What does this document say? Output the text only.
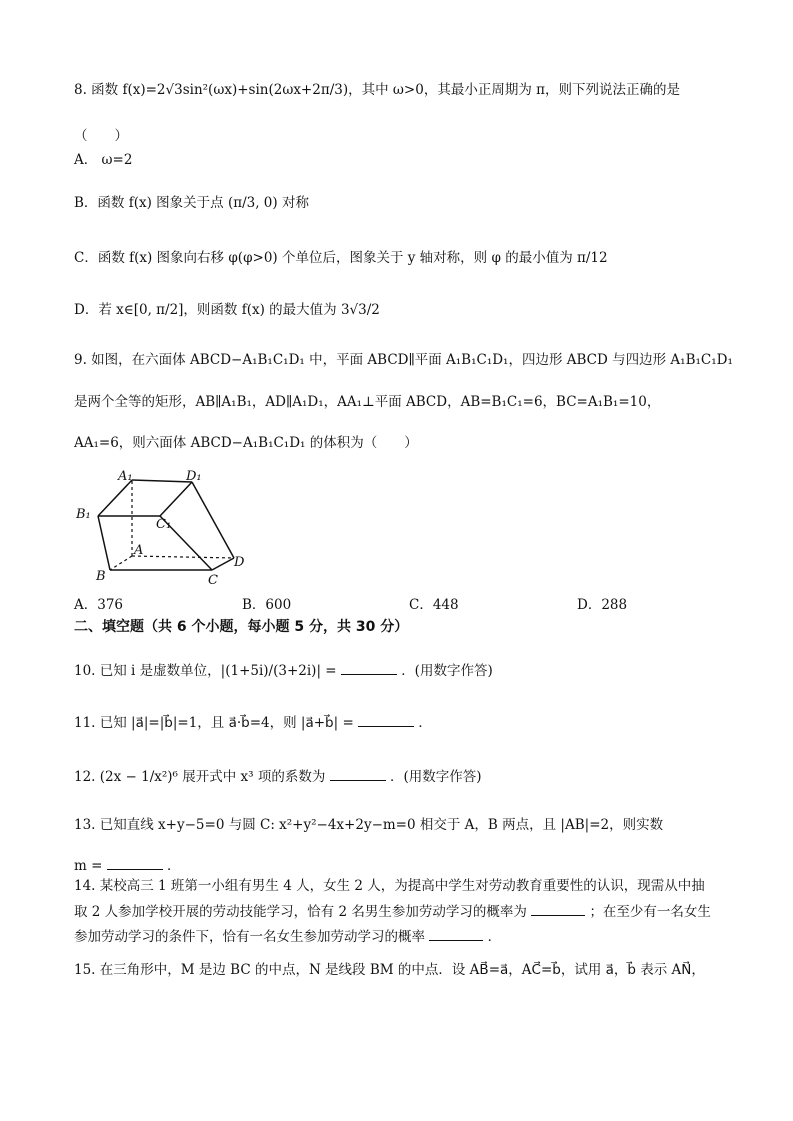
8. 函数 f(x)=2√3sin²(ωx)+sin(2ωx+2π/3)，其中 ω>0，其最小正周期为 π，则下列说法正确的是
（　　）
A． ω=2
B．函数 f(x) 图象关于点 (π/3, 0) 对称
C．函数 f(x) 图象向右移 φ(φ>0) 个单位后，图象关于 y 轴对称，则 φ 的最小值为 π/12
D．若 x∈[0, π/2]，则函数 f(x) 的最大值为 3√3/2
9. 如图，在六面体 ABCD−A₁B₁C₁D₁ 中，平面 ABCD∥平面 A₁B₁C₁D₁，四边形 ABCD 与四边形 A₁B₁C₁D₁
是两个全等的矩形，AB∥A₁B₁，AD∥A₁D₁，AA₁⊥平面 ABCD，AB=B₁C₁=6，BC=A₁B₁=10，
AA₁=6，则六面体 ABCD−A₁B₁C₁D₁ 的体积为（　　）
A₁	D₁
B₁
C₁
A
D
B	C
A．376	B．600	C．448	D．288
二、填空题（共 6 个小题，每小题 5 分，共 30 分）
10. 已知 i 是虚数单位，|(1+5i)/(3+2i)| =	．(用数字作答)
11. 已知 |a⃗|=|b⃗|=1，且 a⃗·b⃗=4，则 |a⃗+b⃗| =	．
12. (2x − 1/x²)⁶ 展开式中 x³ 项的系数为	．(用数字作答)
13. 已知直线 x+y−5=0 与圆 C: x²+y²−4x+2y−m=0 相交于 A，B 两点，且 |AB|=2，则实数
m =	．
14. 某校高三 1 班第一小组有男生 4 人，女生 2 人，为提高中学生对劳动教育重要性的认识，现需从中抽
取 2 人参加学校开展的劳动技能学习，恰有 2 名男生参加劳动学习的概率为	；在至少有一名女生
参加劳动学习的条件下，恰有一名女生参加劳动学习的概率	．
15. 在三角形中，M 是边 BC 的中点，N 是线段 BM 的中点．设 AB⃗=a⃗，AC⃗=b⃗，试用 a⃗，b⃗ 表示 AN⃗，
